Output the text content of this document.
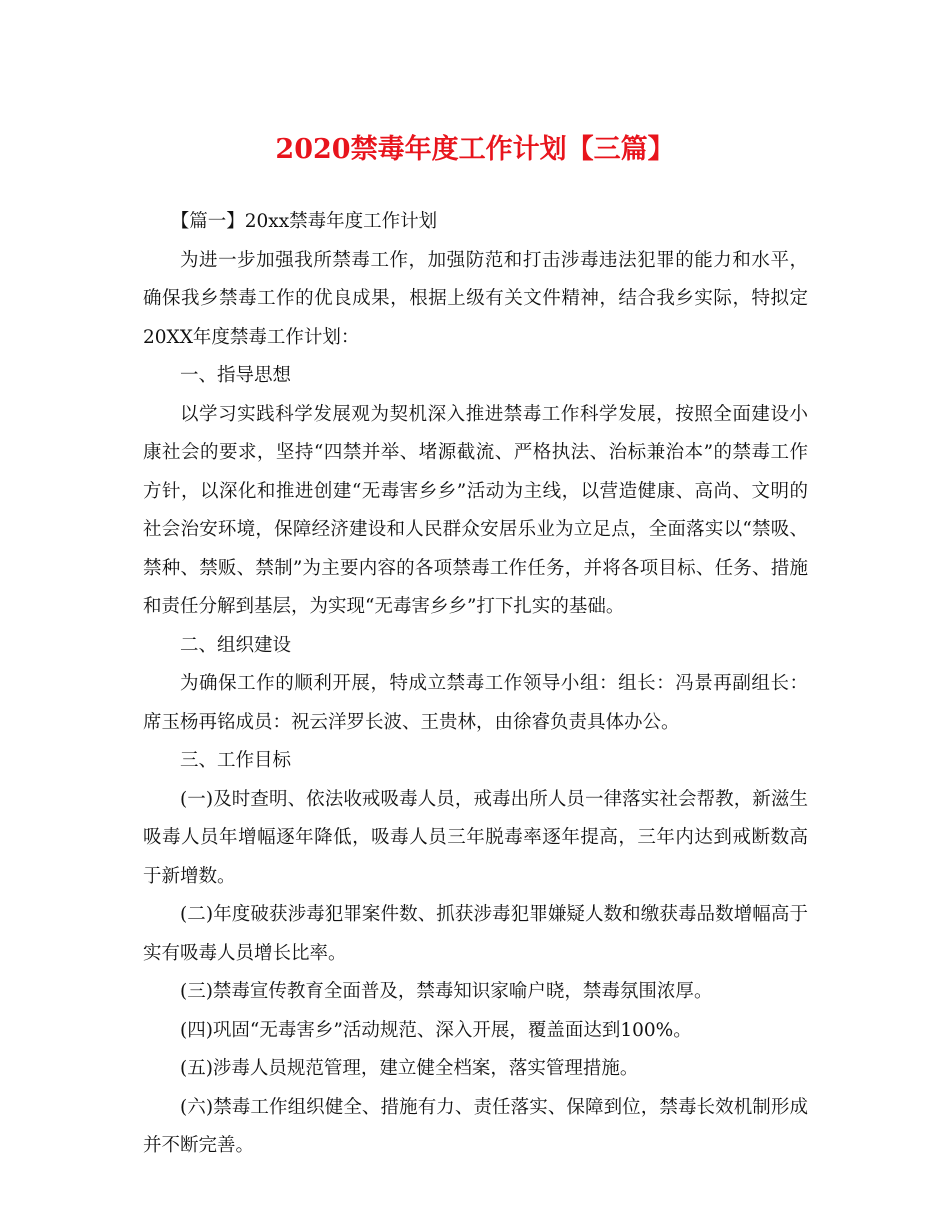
2020禁毒年度工作计划【三篇】

【篇一】20xx禁毒年度工作计划

为进一步加强我所禁毒工作，加强防范和打击涉毒违法犯罪的能力和水平，确保我乡禁毒工作的优良成果，根据上级有关文件精神，结合我乡实际，特拟定20XX年度禁毒工作计划：

一、指导思想

以学习实践科学发展观为契机深入推进禁毒工作科学发展，按照全面建设小康社会的要求，坚持“四禁并举、堵源截流、严格执法、治标兼治本”的禁毒工作方针，以深化和推进创建“无毒害乡乡”活动为主线，以营造健康、高尚、文明的社会治安环境，保障经济建设和人民群众安居乐业为立足点，全面落实以“禁吸、禁种、禁贩、禁制”为主要内容的各项禁毒工作任务，并将各项目标、任务、措施和责任分解到基层，为实现“无毒害乡乡”打下扎实的基础。

二、组织建设

为确保工作的顺利开展，特成立禁毒工作领导小组：组长：冯景再副组长：席玉杨再铭成员：祝云洋罗长波、王贵林，由徐睿负责具体办公。

三、工作目标

(一)及时查明、依法收戒吸毒人员，戒毒出所人员一律落实社会帮教，新滋生吸毒人员年增幅逐年降低，吸毒人员三年脱毒率逐年提高，三年内达到戒断数高于新增数。

(二)年度破获涉毒犯罪案件数、抓获涉毒犯罪嫌疑人数和缴获毒品数增幅高于实有吸毒人员增长比率。

(三)禁毒宣传教育全面普及，禁毒知识家喻户晓，禁毒氛围浓厚。

(四)巩固“无毒害乡”活动规范、深入开展，覆盖面达到100%。

(五)涉毒人员规范管理，建立健全档案，落实管理措施。

(六)禁毒工作组织健全、措施有力、责任落实、保障到位，禁毒长效机制形成并不断完善。
